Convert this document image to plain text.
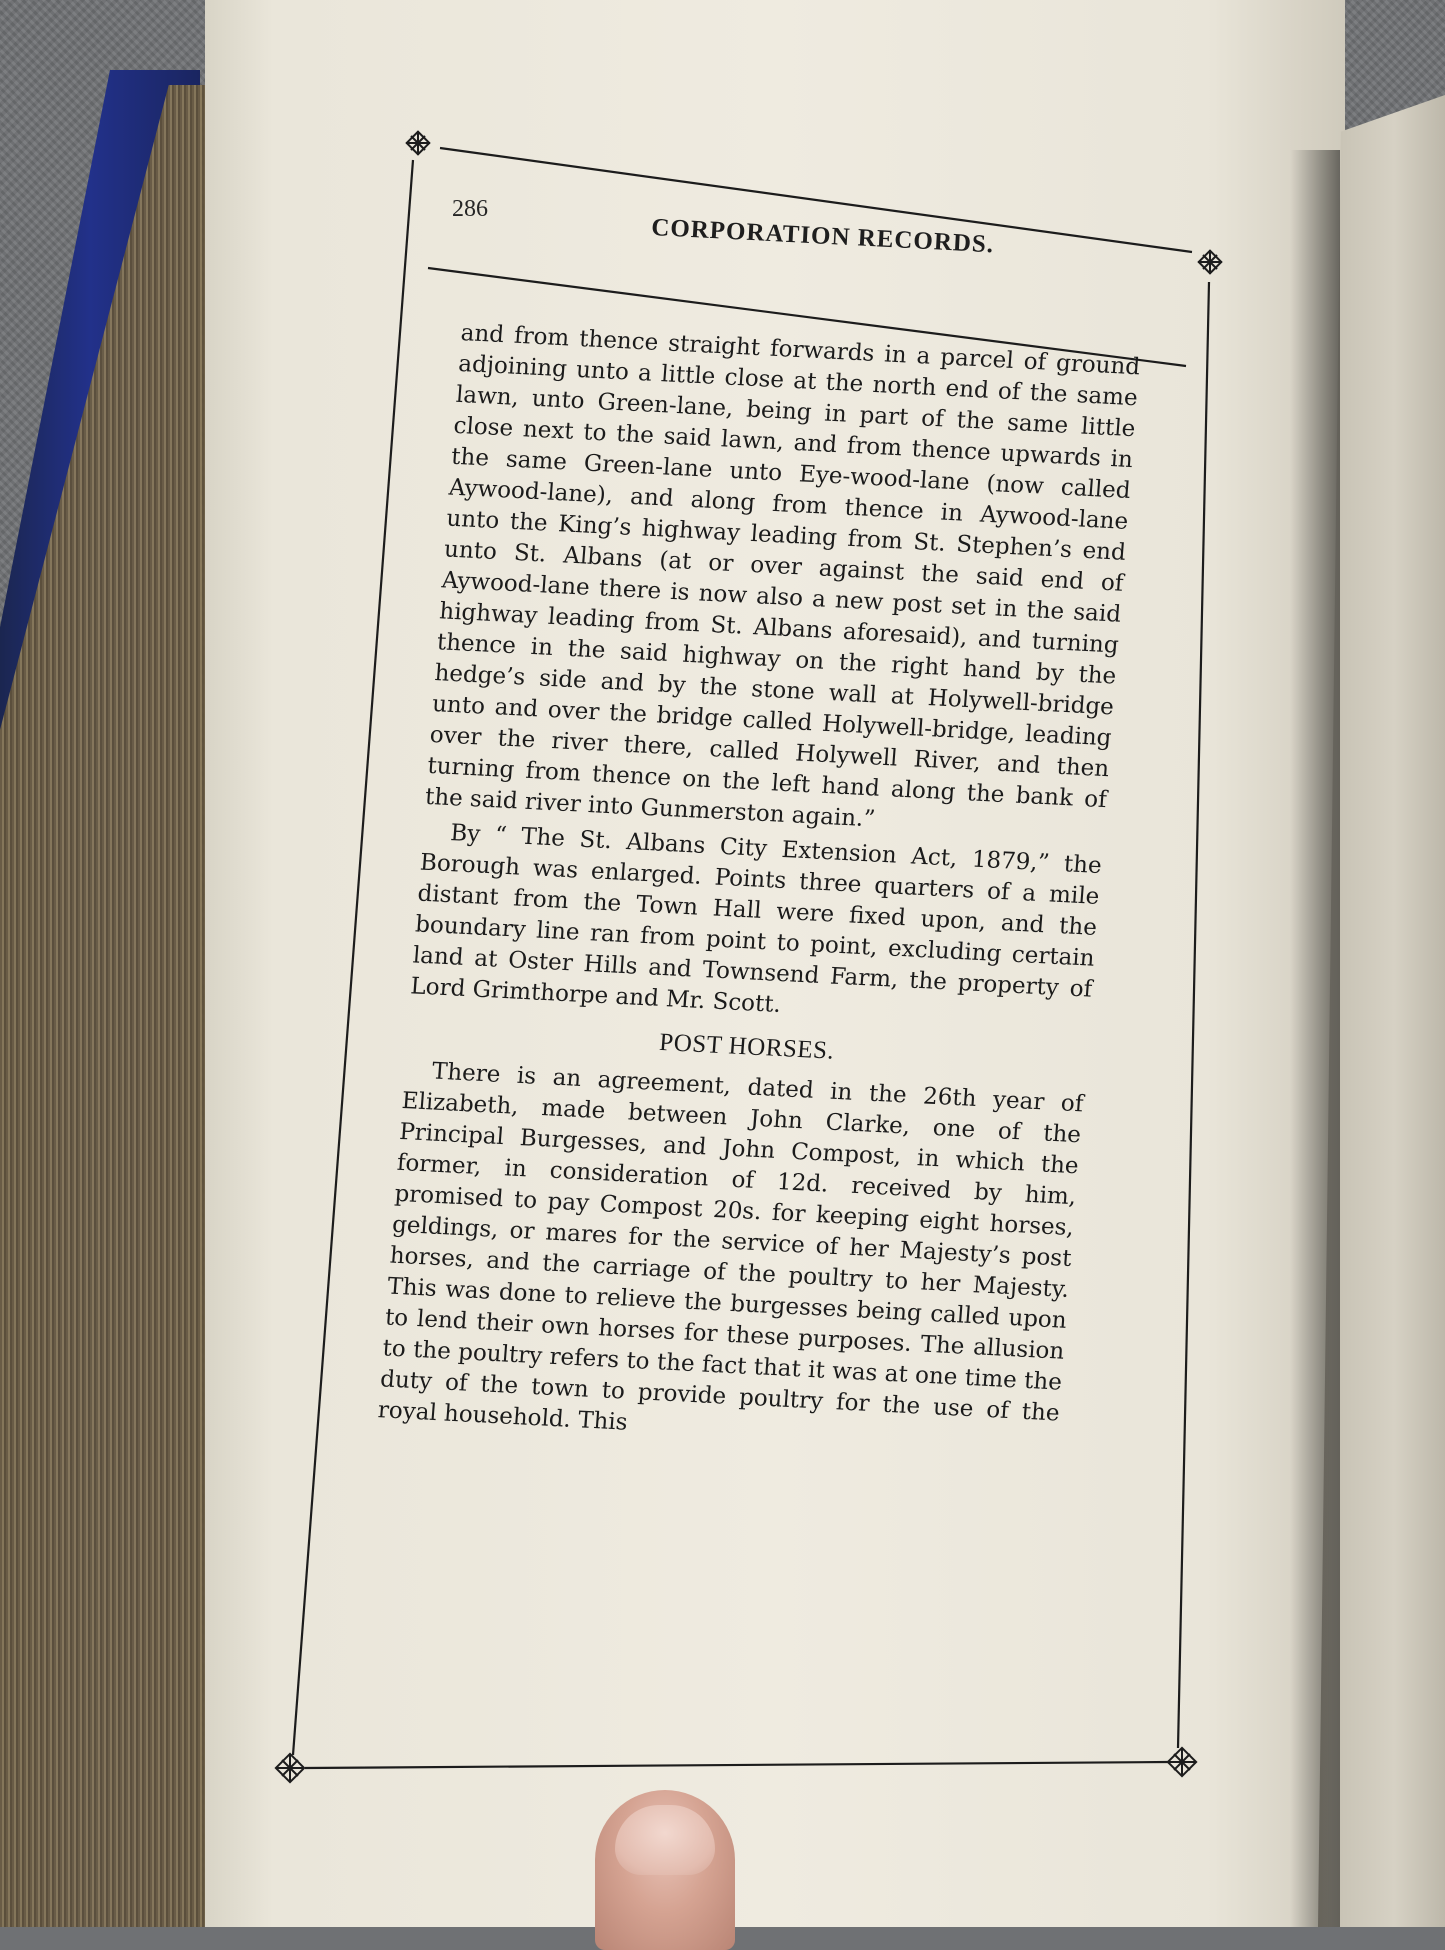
286
CORPORATION RECORDS.

and from thence straight forwards in a parcel of ground adjoining unto a little close at the north end of the same lawn, unto Green-lane, being in part of the same little close next to the said lawn, and from thence upwards in the same Green-lane unto Eye-wood-lane (now called Aywood-lane), and along from thence in Aywood-lane unto the King’s highway leading from St. Stephen’s end unto St. Albans (at or over against the said end of Aywood-lane there is now also a new post set in the said highway leading from St. Albans aforesaid), and turning thence in the said highway on the right hand by the hedge’s side and by the stone wall at Holywell-bridge unto and over the bridge called Holywell-bridge, leading over the river there, called Holywell River, and then turning from thence on the left hand along the bank of the said river into Gunmerston again.”

By “ The St. Albans City Extension Act, 1879,” the Borough was enlarged. Points three quarters of a mile distant from the Town Hall were fixed upon, and the boundary line ran from point to point, excluding certain land at Oster Hills and Townsend Farm, the property of Lord Grimthorpe and Mr. Scott.

POST HORSES.

There is an agreement, dated in the 26th year of Elizabeth, made between John Clarke, one of the Principal Burgesses, and John Compost, in which the former, in consideration of 12d. received by him, promised to pay Compost 20s. for keeping eight horses, geldings, or mares for the service of her Majesty’s post horses, and the carriage of the poultry to her Majesty. This was done to relieve the burgesses being called upon to lend their own horses for these purposes. The allusion to the poultry refers to the fact that it was at one time the duty of the town to provide poultry for the use of the royal household. This
